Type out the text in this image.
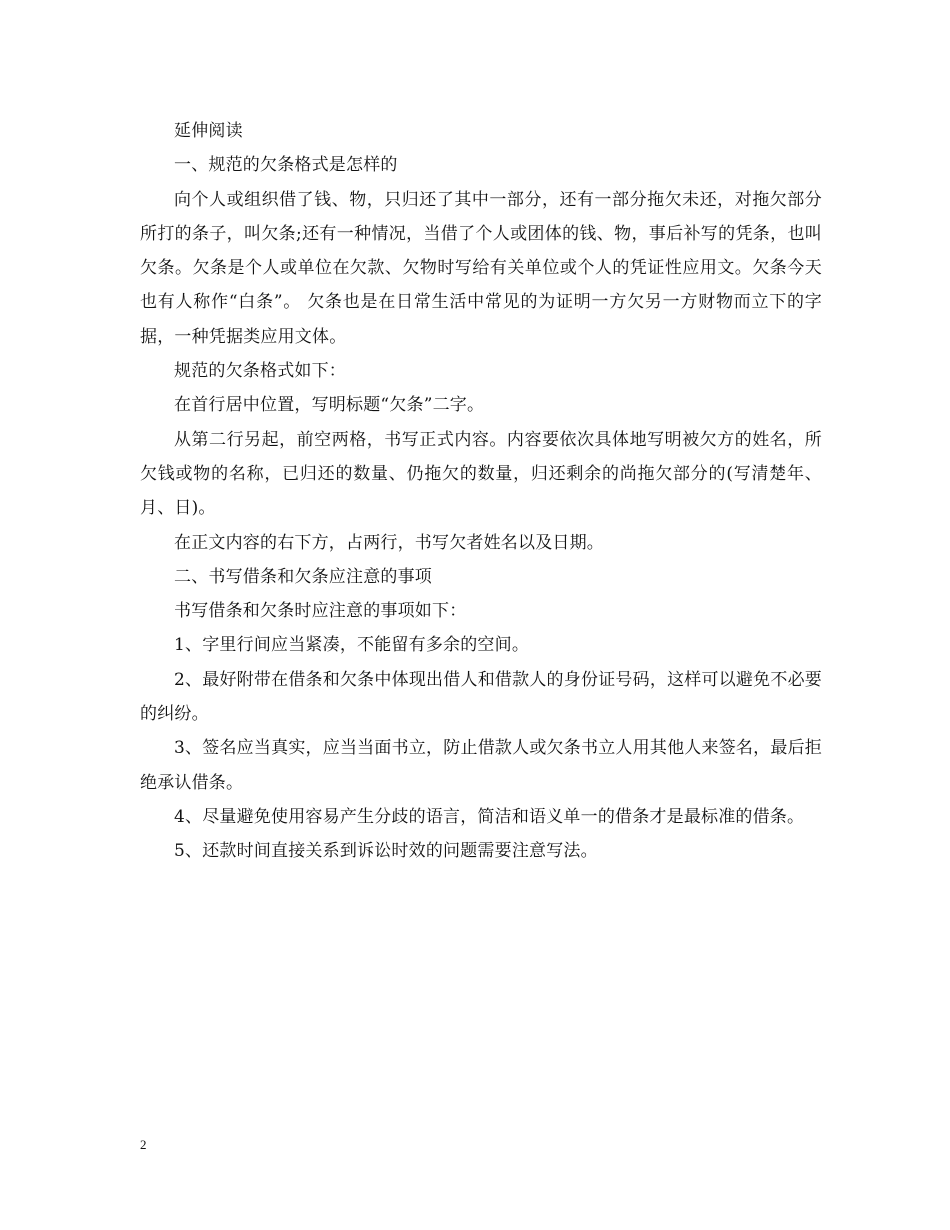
延伸阅读

一、规范的欠条格式是怎样的

向个人或组织借了钱、物，只归还了其中一部分，还有一部分拖欠未还，对拖欠部分所打的条子，叫欠条;还有一种情况，当借了个人或团体的钱、物，事后补写的凭条，也叫欠条。欠条是个人或单位在欠款、欠物时写给有关单位或个人的凭证性应用文。欠条今天也有人称作“白条”。 欠条也是在日常生活中常见的为证明一方欠另一方财物而立下的字据，一种凭据类应用文体。

规范的欠条格式如下：

在首行居中位置，写明标题“欠条”二字。

从第二行另起，前空两格，书写正式内容。内容要依次具体地写明被欠方的姓名，所欠钱或物的名称，已归还的数量、仍拖欠的数量，归还剩余的尚拖欠部分的(写清楚年、月、日)。

在正文内容的右下方，占两行，书写欠者姓名以及日期。

二、书写借条和欠条应注意的事项

书写借条和欠条时应注意的事项如下：

1、字里行间应当紧凑，不能留有多余的空间。

2、最好附带在借条和欠条中体现出借人和借款人的身份证号码，这样可以避免不必要的纠纷。

3、签名应当真实，应当当面书立，防止借款人或欠条书立人用其他人来签名，最后拒绝承认借条。

4、尽量避免使用容易产生分歧的语言，简洁和语义单一的借条才是最标准的借条。

5、还款时间直接关系到诉讼时效的问题需要注意写法。

2
